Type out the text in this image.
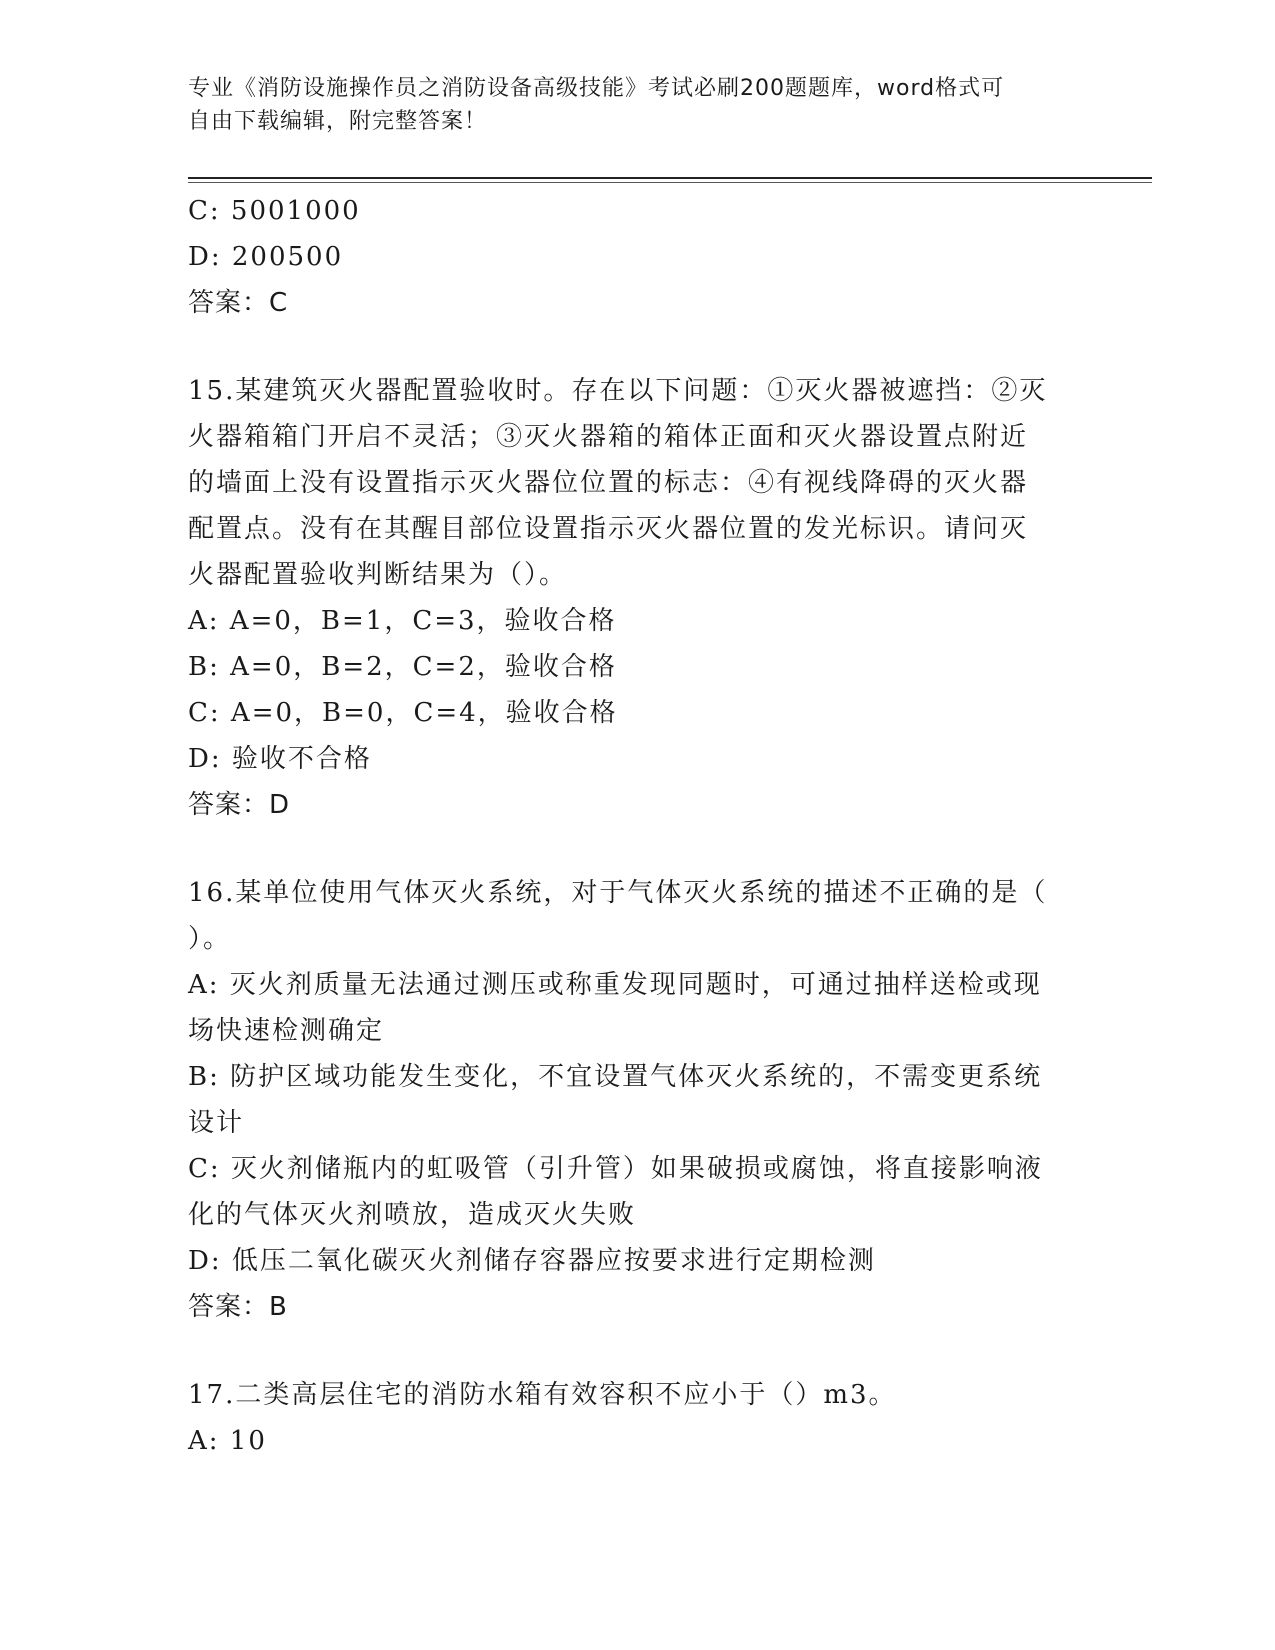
专业《消防设施操作员之消防设备高级技能》考试必刷200题题库，word格式可
自由下载编辑，附完整答案！
C: 5001000
D: 200500
答案：C
15.某建筑灭火器配置验收时。存在以下问题：①灭火器被遮挡：②灭
火器箱箱门开启不灵活；③灭火器箱的箱体正面和灭火器设置点附近
的墙面上没有设置指示灭火器位位置的标志：④有视线降碍的灭火器
配置点。没有在其醒目部位设置指示灭火器位置的发光标识。请问灭
火器配置验收判断结果为（）。
A: A=0，B=1，C=3，验收合格
B: A=0，B=2，C=2，验收合格
C: A=0，B=0，C=4，验收合格
D: 验收不合格
答案：D
16.某单位使用气体灭火系统，对于气体灭火系统的描述不正确的是（
）。
A: 灭火剂质量无法通过测压或称重发现同题时，可通过抽样送检或现
场快速检测确定
B: 防护区域功能发生变化，不宜设置气体灭火系统的，不需变更系统
设计
C: 灭火剂储瓶内的虹吸管（引升管）如果破损或腐蚀，将直接影响液
化的气体灭火剂喷放，造成灭火失败
D: 低压二氧化碳灭火剂储存容器应按要求进行定期检测
答案：B
17.二类高层住宅的消防水箱有效容积不应小于（）m3。
A: 10
